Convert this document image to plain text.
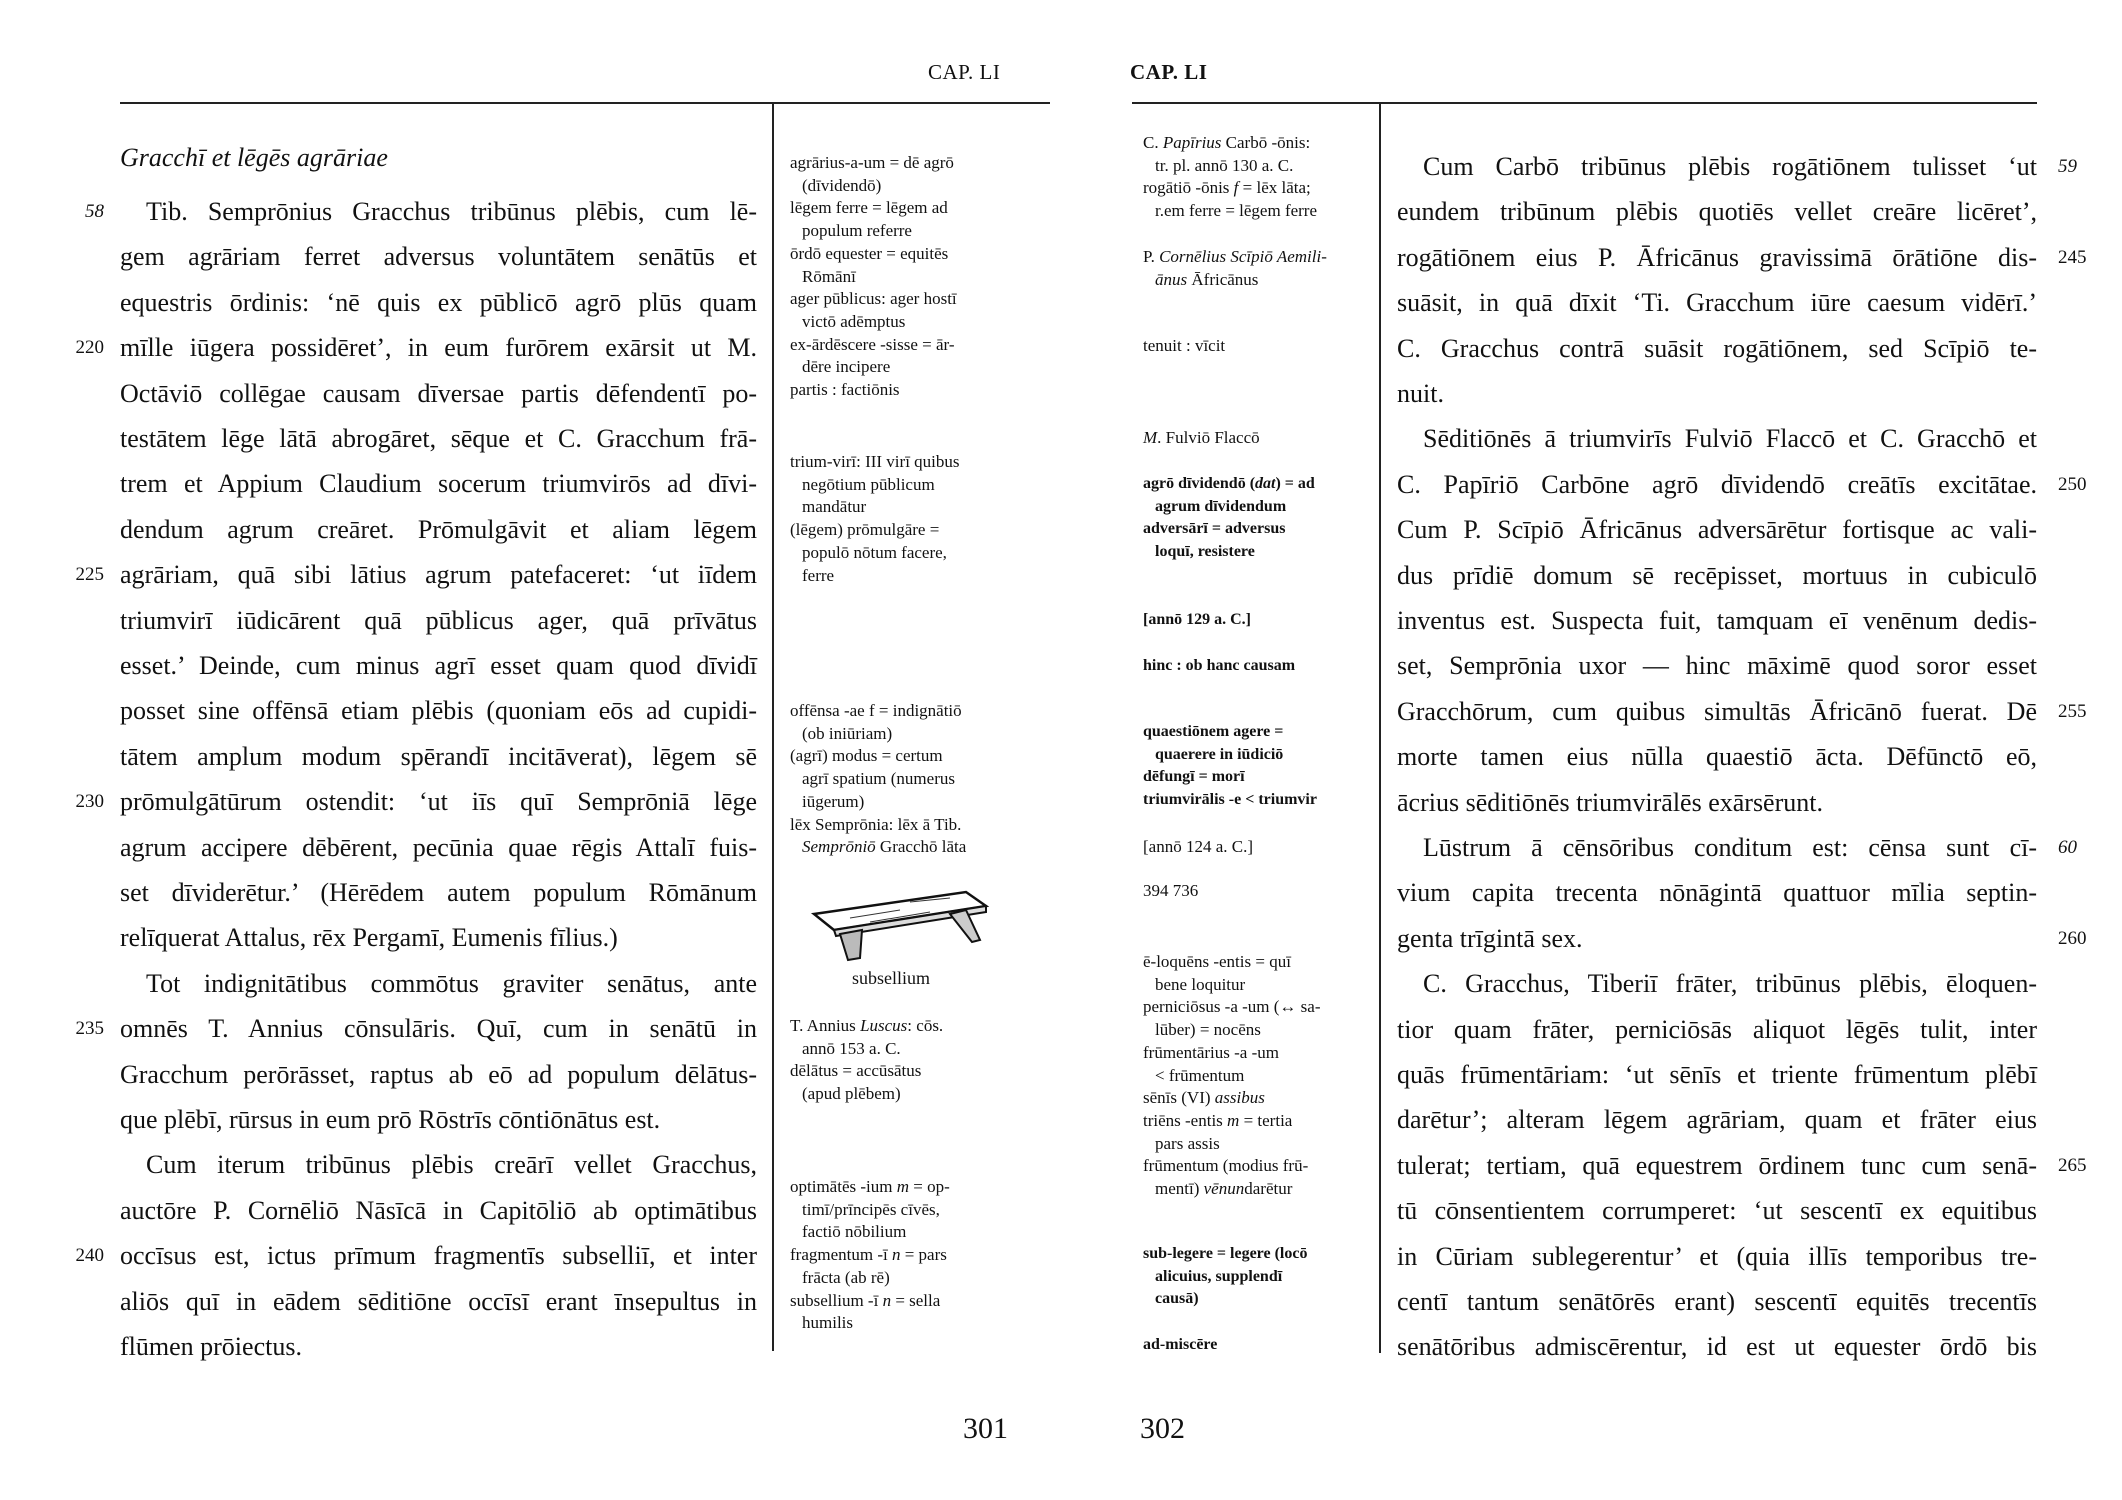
CAP. LI
Gracchī et lēgēs agrāriae
Tib. Semprōnius Gracchus tribūnus plēbis, cum lē-
58
gem agrāriam ferret adversus voluntātem senātūs et
equestris ōrdinis: ‘nē quis ex pūblicō agrō plūs quam
mīlle iūgera possidēret’, in eum furōrem exārsit ut M.
220
Octāviō collēgae causam dīversae partis dēfendentī po-
testātem lēge lātā abrogāret, sēque et C. Gracchum frā-
trem et Appium Claudium socerum triumvirōs ad dīvi-
dendum agrum creāret. Prōmulgāvit et aliam lēgem
agrāriam, quā sibi lātius agrum patefaceret: ‘ut iīdem
225
triumvirī iūdicārent quā pūblicus ager, quā prīvātus
esset.’ Deinde, cum minus agrī esset quam quod dīvidī
posset sine offēnsā etiam plēbis (quoniam eōs ad cupidi-
tātem amplum modum spērandī incitāverat), lēgem sē
prōmulgātūrum ostendit: ‘ut iīs quī Semprōniā lēge
230
agrum accipere dēbērent, pecūnia quae rēgis Attalī fuis-
set dīviderētur.’ (Hērēdem autem populum Rōmānum
relīquerat Attalus, rēx Pergamī, Eumenis fīlius.)
Tot indignitātibus commōtus graviter senātus, ante
omnēs T. Annius cōnsulāris. Quī, cum in senātū in
235
Gracchum perōrāsset, raptus ab eō ad populum dēlātus-
que plēbī, rūrsus in eum prō Rōstrīs cōntiōnātus est.
Cum iterum tribūnus plēbis creārī vellet Gracchus,
auctōre P. Cornēliō Nāsīcā in Capitōliō ab optimātibus
occīsus est, ictus prīmum fragmentīs subselliī, et inter
240
aliōs quī in eādem sēditiōne occīsī erant īnsepultus in
flūmen prōiectus.
agrārius-a-um = dē agrō
(dīvidendō)
lēgem ferre = lēgem ad
populum referre
ōrdō equester = equitēs
Rōmānī
ager pūblicus: ager hostī
victō adēmptus
ex-ārdēscere -sisse = ār-
dēre incipere
partis : factiōnis
trium-virī: III virī quibus
negōtium pūblicum
mandātur
(lēgem) prōmulgāre =
populō nōtum facere,
ferre
offēnsa -ae f = indignātiō
(ob iniūriam)
(agrī) modus = certum
agrī spatium (numerus
iūgerum)
lēx Semprōnia: lēx ā Tib.
Semprōniō Gracchō lāta
T. Annius Luscus: cōs.
annō 153 a. C.
dēlātus = accūsātus
(apud plēbem)
optimātēs -ium m = op-
timī/prīncipēs cīvēs,
factiō nōbilium
fragmentum -ī n = pars
frācta (ab rē)
subsellium -ī n = sella
humilis
subsellium
301
CAP. LI
C. Papīrius Carbō -ōnis:
tr. pl. annō 130 a. C.
rogātiō -ōnis f = lēx lāta;
r.em ferre = lēgem ferre
P. Cornēlius Scīpiō Aemili-
ānus Āfricānus
tenuit : vīcit
M. Fulviō Flaccō
agrō dīvidendō (dat) = ad
agrum dīvidendum
adversārī = adversus
loquī, resistere
[annō 129 a. C.]
hinc : ob hanc causam
quaestiōnem agere =
quaerere in iūdiciō
dēfungī = morī
triumvirālis -e < triumvir
[annō 124 a. C.]
394 736
ē-loquēns -entis = quī
bene loquitur
perniciōsus -a -um (↔ sa-
lūber) = nocēns
frūmentārius -a -um
< frūmentum
sēnīs (VI) assibus
triēns -entis m = tertia
pars assis
frūmentum (modius frū-
mentī) vēnundarētur
sub-legere = legere (locō
alicuius, supplendī
causā)
ad-miscēre
Cum Carbō tribūnus plēbis rogātiōnem tulisset ‘ut 59
eundem tribūnum plēbis quotiēs vellet creāre licēret’,
rogātiōnem eius P. Āfricānus gravissimā ōrātiōne dis- 245
suāsit, in quā dīxit ‘Ti. Gracchum iūre caesum vidērī.’
C. Gracchus contrā suāsit rogātiōnem, sed Scīpiō te-
nuit.
Sēditiōnēs ā triumvirīs Fulviō Flaccō et C. Gracchō et
C. Papīriō Carbōne agrō dīvidendō creātīs excitātae. 250
Cum P. Scīpiō Āfricānus adversārētur fortisque ac vali-
dus prīdiē domum sē recēpisset, mortuus in cubiculō
inventus est. Suspecta fuit, tamquam eī venēnum dedis-
set, Semprōnia uxor — hinc māximē quod soror esset
Gracchōrum, cum quibus simultās Āfricānō fuerat. Dē 255
morte tamen eius nūlla quaestiō ācta. Dēfūnctō eō,
ācrius sēditiōnēs triumvirālēs exārsērunt.
Lūstrum ā cēnsōribus conditum est: cēnsa sunt cī- 60
vium capita trecenta nōnāgintā quattuor mīlia septin-
genta trīgintā sex.	260
C. Gracchus, Tiberiī frāter, tribūnus plēbis, ēloquen-
tior quam frāter, perniciōsās aliquot lēgēs tulit, inter
quās frūmentāriam: ‘ut sēnīs et triente frūmentum plēbī
darētur’; alteram lēgem agrāriam, quam et frāter eius
tulerat; tertiam, quā equestrem ōrdinem tunc cum senā- 265
tū cōnsentientem corrumperet: ‘ut sescentī ex equitibus
in Cūriam sublegerentur’ et (quia illīs temporibus tre-
centī tantum senātōrēs erant) sescentī equitēs trecentīs
senātōribus admiscērentur, id est ut equester ōrdō bis
302
